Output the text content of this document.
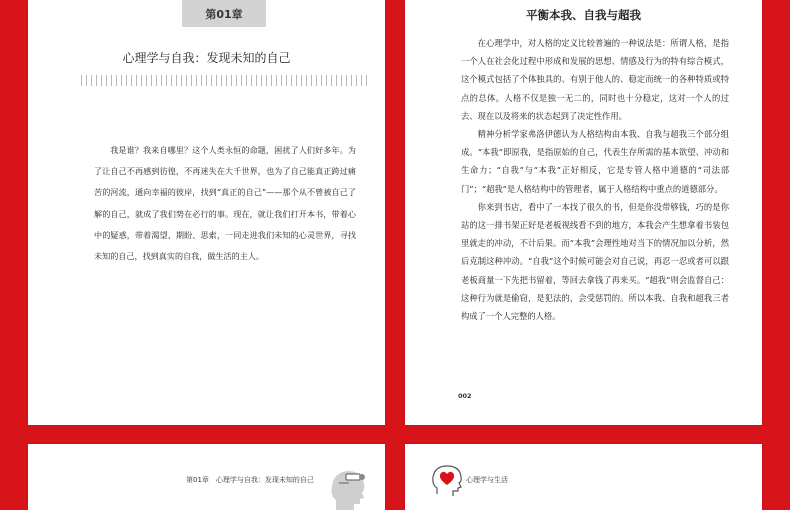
第01章
心理学与自我：发现未知的自己

我是谁？我来自哪里？这个人类永恒的命题，困扰了人们好多年。为了让自己不再感到彷徨，不再迷失在大千世界，也为了自己能真正跨过痛苦的河流，通向幸福的彼岸，找到“真正的自己”——那个从不曾被自己了解的自己，就成了我们势在必行的事。现在，就让我们打开本书，带着心中的疑惑，带着渴望、期盼、思索，一同走进我们未知的心灵世界，寻找未知的自己，找到真实的自我，做生活的主人。

平衡本我、自我与超我

在心理学中，对人格的定义比较普遍的一种说法是：所谓人格，是指一个人在社会化过程中形成和发展的思想、情感及行为的特有综合模式，这个模式包括了个体独具的、有别于他人的、稳定而统一的各种特质或特点的总体。人格不仅是独一无二的，同时也十分稳定，这对一个人的过去、现在以及将来的状态起到了决定性作用。

精神分析学家弗洛伊德认为人格结构由本我、自我与超我三个部分组成。“本我”即原我，是指原始的自己，代表生存所需的基本欲望、冲动和生命力；“自我”与“本我”正好相反，它是专管人格中道德的“司法部门”；“超我”是人格结构中的管理者，属于人格结构中重点的道德部分。

你来到书店，看中了一本找了很久的书，但是你没带够钱，巧的是你站的这一排书架正好是老板视线看不到的地方，本我会产生想拿着书装包里就走的冲动，不计后果。而“本我”会理性地对当下的情况加以分析，然后克制这种冲动。“自我”这个时候可能会对自己说，再忍一忍或者可以跟老板商量一下先把书留着，等回去拿钱了再来买。“超我”则会监督自己：这种行为就是偷窃，是犯法的，会受惩罚的。所以本我、自我和超我三者构成了一个人完整的人格。

002
第01章　心理学与自我：发现未知的自己	心理学与生活
